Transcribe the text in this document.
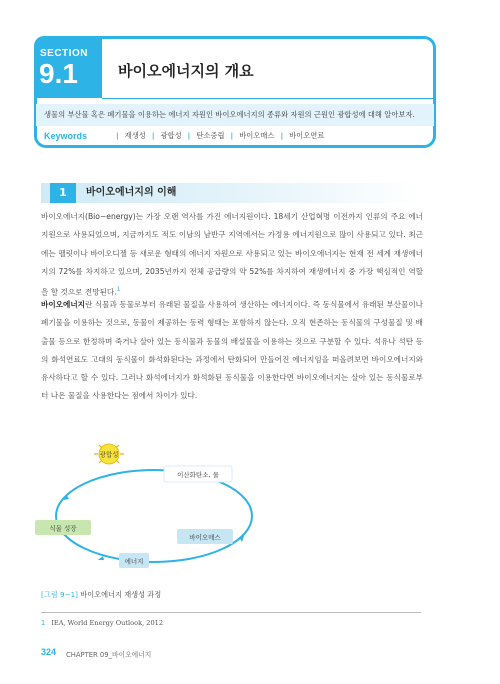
SECTION
9.1	바이오에너지의 개요
생물의 부산물 혹은 폐기물을 이용하는 에너지 자원인 바이오에너지의 종류와 자원의 근원인 광합성에 대해 알아보자.
Keywords	| 재생성 | 광합성 | 탄소중립 | 바이오매스 | 바이오연료
1	바이오에너지의 이해
바이오에너지(Bio−energy)는 가장 오랜 역사를 가진 에너지원이다. 18세기 산업혁명 이전까지 인류의 주요 에너지원으로 사용되었으며, 지금까지도 적도 이남의 남반구 지역에서는 가정용 에너지원으로 많이 사용되고 있다. 최근에는 펠릿이나 바이오디젤 등 새로운 형태의 에너지 자원으로 사용되고 있는 바이오에너지는 현재 전 세계 재생에너지의 72%를 차지하고 있으며, 2035년까지 전체 공급량의 약 52%를 차지하여 재생에너지 중 가장 핵심적인 역할을 할 것으로 전망된다.$^1$
바이오에너지란 식물과 동물로부터 유래된 물질을 사용하여 생산하는 에너지이다. 즉 동식물에서 유래된 부산물이나 폐기물을 이용하는 것으로, 동물이 제공하는 동력 형태는 포함하지 않는다. 오직 현존하는 동식물의 구성물질 및 배출물 등으로 한정하며 죽거나 살아 있는 동식물과 동물의 배설물을 이용하는 것으로 구분할 수 있다. 석유나 석탄 등의 화석연료도 고대의 동식물이 화석화된다는 과정에서 탄화되어 만들어진 에너지임을 떠올려보면 바이오에너지와 유사하다고 할 수 있다. 그러나 화석에너지가 화석화된 동식물을 이용한다면 바이오에너지는 살아 있는 동식물로부터 나온 물질을 사용한다는 점에서 차이가 있다.
광합성
이산화탄소, 물
식물 성장
바이오매스
에너지
[그림 9−1] 바이오에너지 재생성 과정
1 IEA, World Energy Outlook, 2012
324 CHAPTER 09_바이오에너지
